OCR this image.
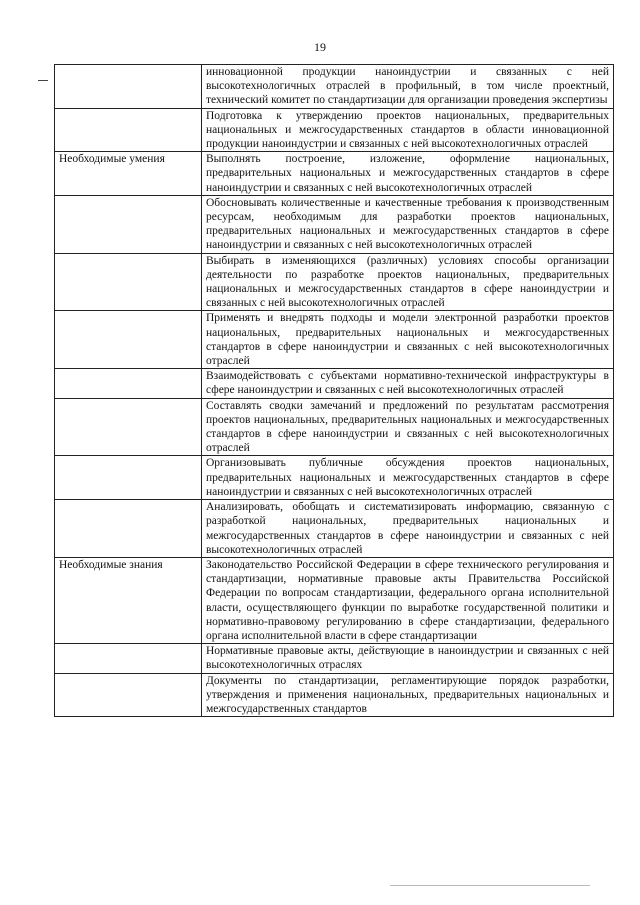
19
	инновационной продукции наноиндустрии и связанных с ней высокотехнологичных отраслей в профильный, в том числе проектный, технический комитет по стандартизации для организации проведения экспертизы
	Подготовка к утверждению проектов национальных, предварительных национальных и межгосударственных стандартов в области инновационной продукции наноиндустрии и связанных с ней высокотехнологичных отраслей
Необходимые умения	Выполнять построение, изложение, оформление национальных, предварительных национальных и межгосударственных стандартов в сфере наноиндустрии и связанных с ней высокотехнологичных отраслей
	Обосновывать количественные и качественные требования к производственным ресурсам, необходимым для разработки проектов национальных, предварительных национальных и межгосударственных стандартов в сфере наноиндустрии и связанных с ней высокотехнологичных отраслей
	Выбирать в изменяющихся (различных) условиях способы организации деятельности по разработке проектов национальных, предварительных национальных и межгосударственных стандартов в сфере наноиндустрии и связанных с ней высокотехнологичных отраслей
	Применять и внедрять подходы и модели электронной разработки проектов национальных, предварительных национальных и межгосударственных стандартов в сфере наноиндустрии и связанных с ней высокотехнологичных отраслей
	Взаимодействовать с субъектами нормативно-технической инфраструктуры в сфере наноиндустрии и связанных с ней высокотехнологичных отраслей
	Составлять сводки замечаний и предложений по результатам рассмотрения проектов национальных, предварительных национальных и межгосударственных стандартов в сфере наноиндустрии и связанных с ней высокотехнологичных отраслей
	Организовывать публичные обсуждения проектов национальных, предварительных национальных и межгосударственных стандартов в сфере наноиндустрии и связанных с ней высокотехнологичных отраслей
	Анализировать, обобщать и систематизировать информацию, связанную с разработкой национальных, предварительных национальных и межгосударственных стандартов в сфере наноиндустрии и связанных с ней высокотехнологичных отраслей
Необходимые знания	Законодательство Российской Федерации в сфере технического регулирования и стандартизации, нормативные правовые акты Правительства Российской Федерации по вопросам стандартизации, федерального органа исполнительной власти, осуществляющего функции по выработке государственной политики и нормативно-правовому регулированию в сфере стандартизации, федерального органа исполнительной власти в сфере стандартизации
	Нормативные правовые акты, действующие в наноиндустрии и связанных с ней высокотехнологичных отраслях
	Документы по стандартизации, регламентирующие порядок разработки, утверждения и применения национальных, предварительных национальных и межгосударственных стандартов
